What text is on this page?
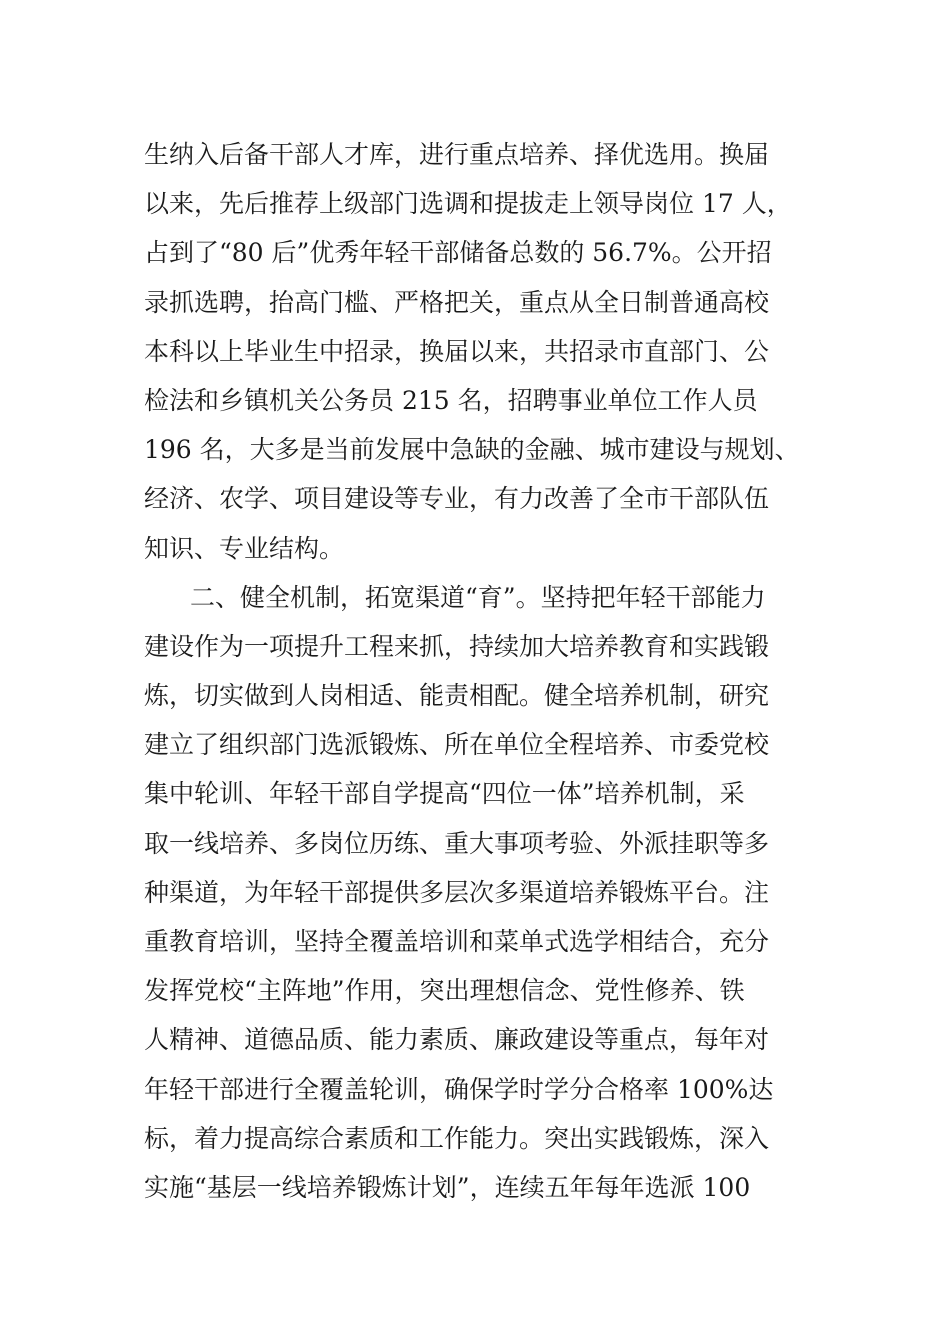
生纳入后备干部人才库，进行重点培养、择优选用。换届
以来，先后推荐上级部门选调和提拔走上领导岗位 17 人，
占到了“80 后”优秀年轻干部储备总数的 56.7%。公开招
录抓选聘，抬高门槛、严格把关，重点从全日制普通高校
本科以上毕业生中招录，换届以来，共招录市直部门、公
检法和乡镇机关公务员 215 名，招聘事业单位工作人员
196 名，大多是当前发展中急缺的金融、城市建设与规划、
经济、农学、项目建设等专业，有力改善了全市干部队伍
知识、专业结构。
二、健全机制，拓宽渠道“育”。坚持把年轻干部能力
建设作为一项提升工程来抓，持续加大培养教育和实践锻
炼，切实做到人岗相适、能责相配。健全培养机制，研究
建立了组织部门选派锻炼、所在单位全程培养、市委党校
集中轮训、年轻干部自学提高“四位一体”培养机制，采
取一线培养、多岗位历练、重大事项考验、外派挂职等多
种渠道，为年轻干部提供多层次多渠道培养锻炼平台。注
重教育培训，坚持全覆盖培训和菜单式选学相结合，充分
发挥党校“主阵地”作用，突出理想信念、党性修养、铁
人精神、道德品质、能力素质、廉政建设等重点，每年对
年轻干部进行全覆盖轮训，确保学时学分合格率 100%达
标，着力提高综合素质和工作能力。突出实践锻炼，深入
实施“基层一线培养锻炼计划”，连续五年每年选派 100
